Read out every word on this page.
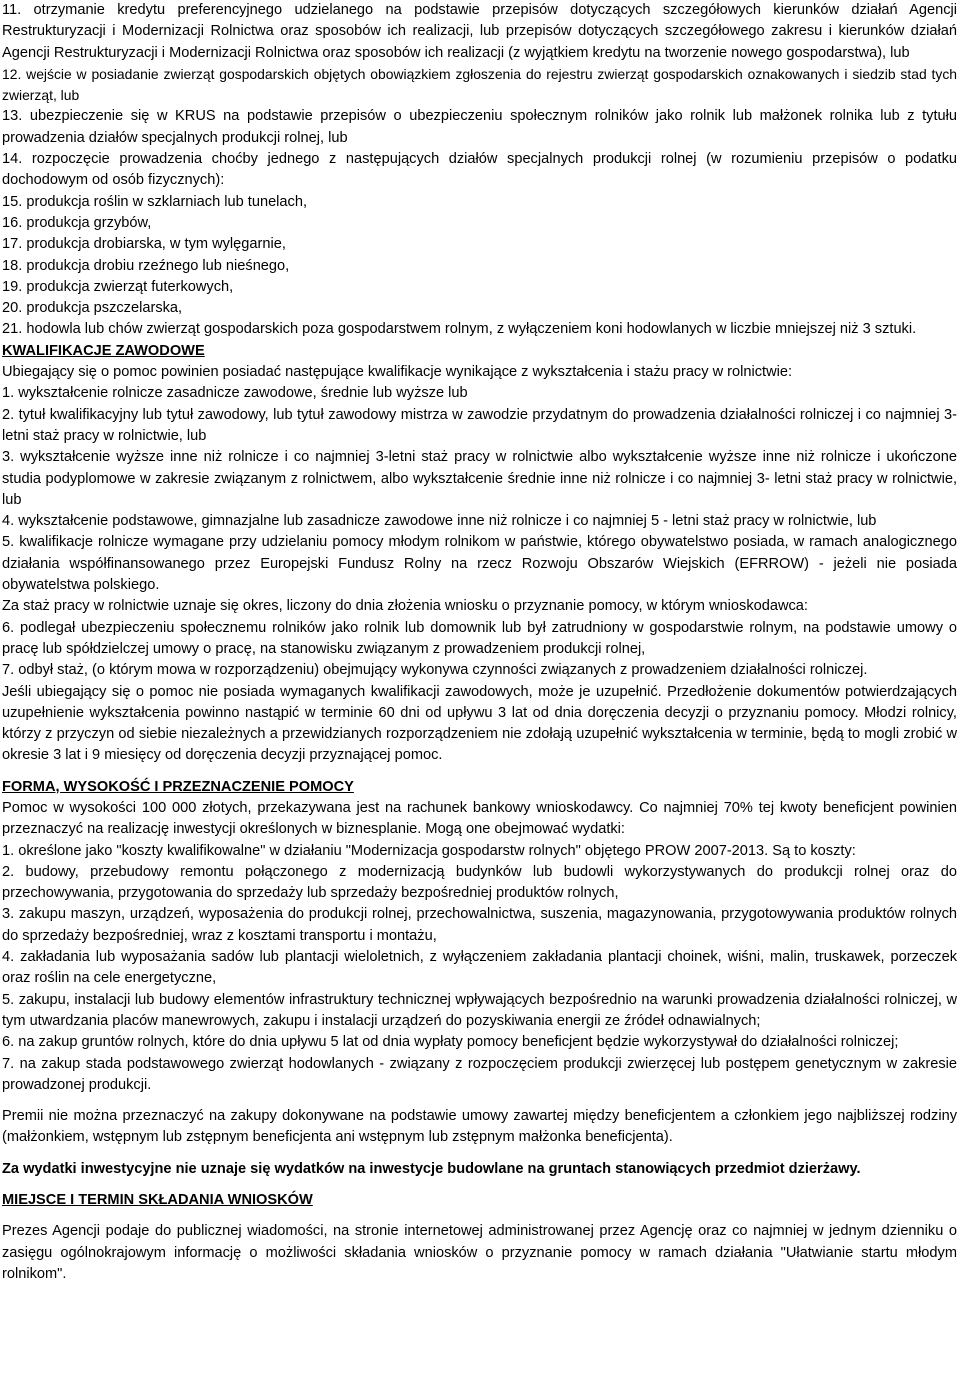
11. otrzymanie kredytu preferencyjnego udzielanego na podstawie przepisów dotyczących szczegółowych kierunków działań Agencji Restrukturyzacji i Modernizacji Rolnictwa oraz sposobów ich realizacji, lub przepisów dotyczących szczegółowego zakresu i kierunków działań Agencji Restrukturyzacji i Modernizacji Rolnictwa oraz sposobów ich realizacji (z wyjątkiem kredytu na tworzenie nowego gospodarstwa), lub

12. wejście w posiadanie zwierząt gospodarskich objętych obowiązkiem zgłoszenia do rejestru zwierząt gospodarskich oznakowanych i siedzib stad tych zwierząt, lub

13. ubezpieczenie się w KRUS na podstawie przepisów o ubezpieczeniu społecznym rolników jako rolnik lub małżonek rolnika lub z tytułu prowadzenia działów specjalnych produkcji rolnej, lub

14. rozpoczęcie prowadzenia choćby jednego z następujących działów specjalnych produkcji rolnej (w rozumieniu przepisów o podatku dochodowym od osób fizycznych):

15. produkcja roślin w szklarniach lub tunelach,

16. produkcja grzybów,

17. produkcja drobiarska, w tym wylęgarnie,

18. produkcja drobiu rzeźnego lub nieśnego,

19. produkcja zwierząt futerkowych,

20. produkcja pszczelarska,

21. hodowla lub chów zwierząt gospodarskich poza gospodarstwem rolnym, z wyłączeniem koni hodowlanych w liczbie mniejszej niż 3 sztuki.

KWALIFIKACJE ZAWODOWE

Ubiegający się o pomoc powinien posiadać następujące kwalifikacje wynikające z wykształcenia i stażu pracy w rolnictwie:

1. wykształcenie rolnicze zasadnicze zawodowe, średnie lub wyższe lub

2. tytuł kwalifikacyjny lub tytuł zawodowy, lub tytuł zawodowy mistrza w zawodzie przydatnym do prowadzenia działalności rolniczej i co najmniej 3-letni staż pracy w rolnictwie, lub

3. wykształcenie wyższe inne niż rolnicze i co najmniej 3-letni staż pracy w rolnictwie albo wykształcenie wyższe inne niż rolnicze i ukończone studia podyplomowe w zakresie związanym z rolnictwem, albo wykształcenie średnie inne niż rolnicze i co najmniej 3- letni staż pracy w rolnictwie, lub

4. wykształcenie podstawowe, gimnazjalne lub zasadnicze zawodowe inne niż rolnicze i co najmniej 5 - letni staż pracy w rolnictwie, lub

5. kwalifikacje rolnicze wymagane przy udzielaniu pomocy młodym rolnikom w państwie, którego obywatelstwo posiada, w ramach analogicznego działania współfinansowanego przez Europejski Fundusz Rolny na rzecz Rozwoju Obszarów Wiejskich (EFRROW) - jeżeli nie posiada obywatelstwa polskiego.

Za staż pracy w rolnictwie uznaje się okres, liczony do dnia złożenia wniosku o przyznanie pomocy, w którym wnioskodawca:

6. podlegał ubezpieczeniu społecznemu rolników jako rolnik lub domownik lub był zatrudniony w gospodarstwie rolnym, na podstawie umowy o pracę lub spółdzielczej umowy o pracę, na stanowisku związanym z prowadzeniem produkcji rolnej,

7. odbył staż, (o którym mowa w rozporządzeniu) obejmujący wykonywa czynności związanych z prowadzeniem działalności rolniczej.

Jeśli ubiegający się o pomoc nie posiada wymaganych kwalifikacji zawodowych, może je uzupełnić. Przedłożenie dokumentów potwierdzających uzupełnienie wykształcenia powinno nastąpić w terminie 60 dni od upływu 3 lat od dnia doręczenia decyzji o przyznaniu pomocy. Młodzi rolnicy, którzy z przyczyn od siebie niezależnych a przewidzianych rozporządzeniem nie zdołają uzupełnić wykształcenia w terminie, będą to mogli zrobić w okresie 3 lat i 9 miesięcy od doręczenia decyzji przyznającej pomoc.

FORMA, WYSOKOŚĆ I PRZEZNACZENIE POMOCY

Pomoc w wysokości 100 000 złotych, przekazywana jest na rachunek bankowy wnioskodawcy. Co najmniej 70% tej kwoty beneficjent powinien przeznaczyć na realizację inwestycji określonych w biznesplanie. Mogą one obejmować wydatki:

1. określone jako "koszty kwalifikowalne" w działaniu "Modernizacja gospodarstw rolnych" objętego PROW 2007-2013. Są to koszty:

2. budowy, przebudowy remontu połączonego z modernizacją budynków lub budowli wykorzystywanych do produkcji rolnej oraz do przechowywania, przygotowania do sprzedaży lub sprzedaży bezpośredniej produktów rolnych,

3. zakupu maszyn, urządzeń, wyposażenia do produkcji rolnej, przechowalnictwa, suszenia, magazynowania, przygotowywania produktów rolnych do sprzedaży bezpośredniej, wraz z kosztami transportu i montażu,

4. zakładania lub wyposażania sadów lub plantacji wieloletnich, z wyłączeniem zakładania plantacji choinek, wiśni, malin, truskawek, porzeczek oraz roślin na cele energetyczne,

5. zakupu, instalacji lub budowy elementów infrastruktury technicznej wpływających bezpośrednio na warunki prowadzenia działalności rolniczej, w tym utwardzania placów manewrowych, zakupu i instalacji urządzeń do pozyskiwania energii ze źródeł odnawialnych;

6. na zakup gruntów rolnych, które do dnia upływu 5 lat od dnia wypłaty pomocy beneficjent będzie wykorzystywał do działalności rolniczej;

7. na zakup stada podstawowego zwierząt hodowlanych - związany z rozpoczęciem produkcji zwierzęcej lub postępem genetycznym w zakresie prowadzonej produkcji.

Premii nie można przeznaczyć na zakupy dokonywane na podstawie umowy zawartej między beneficjentem a członkiem jego najbliższej rodziny (małżonkiem, wstępnym lub zstępnym beneficjenta ani wstępnym lub zstępnym małżonka beneficjenta).

Za wydatki inwestycyjne nie uznaje się wydatków na inwestycje budowlane na gruntach stanowiących przedmiot dzierżawy.

MIEJSCE I TERMIN SKŁADANIA WNIOSKÓW

Prezes Agencji podaje do publicznej wiadomości, na stronie internetowej administrowanej przez Agencję oraz co najmniej w jednym dzienniku o zasięgu ogólnokrajowym informację o możliwości składania wniosków o przyznanie pomocy w ramach działania "Ułatwianie startu młodym rolnikom".
